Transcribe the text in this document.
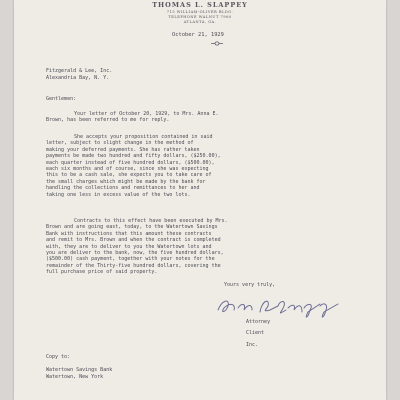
THOMAS L. SLAPPEY
715 WILLIAM-OLIVER BLDG.
TELEPHONE WALNUT 7960
ATLANTA, GA.
October 21, 1929
Fitzgerald & Lee, Inc.
Alexandria Bay, N. Y.
Gentlemen:
Your letter of October 20, 1929, to Mrs. Anna E.
Brown, has been referred to me for reply.
She accepts your proposition contained in said
letter, subject to slight change in the method of
making your deferred payments. She has rather taken
payments be made two hundred and fifty dollars, ($250.00),
each quarter instead of five hundred dollars, ($500.00),
each six months and of course, since she was expecting
this to be a cash sale, she expects you to take care of
the small charges which might be made by the bank for
handling the collections and remittances to her and
taking one less in excess value of the two lots.
Contracts to this effect have been executed by Mrs.
Brown and are going east, today, to the Watertown Savings
Bank with instructions that this amount these contracts
and remit to Mrs. Brown and when the contract is completed
with, they are to deliver to you the Watertown lots and
you are deliver to the bank, now, the five hundred dollars,
($500.00) cash payment, together with your notes for the
remainder of the Thirty-five hundred dollars, covering the
full purchase price of said property.
Yours very truly,
Attorney
Client
Inc.
Copy to:
Watertown Savings Bank
Watertown, New York
